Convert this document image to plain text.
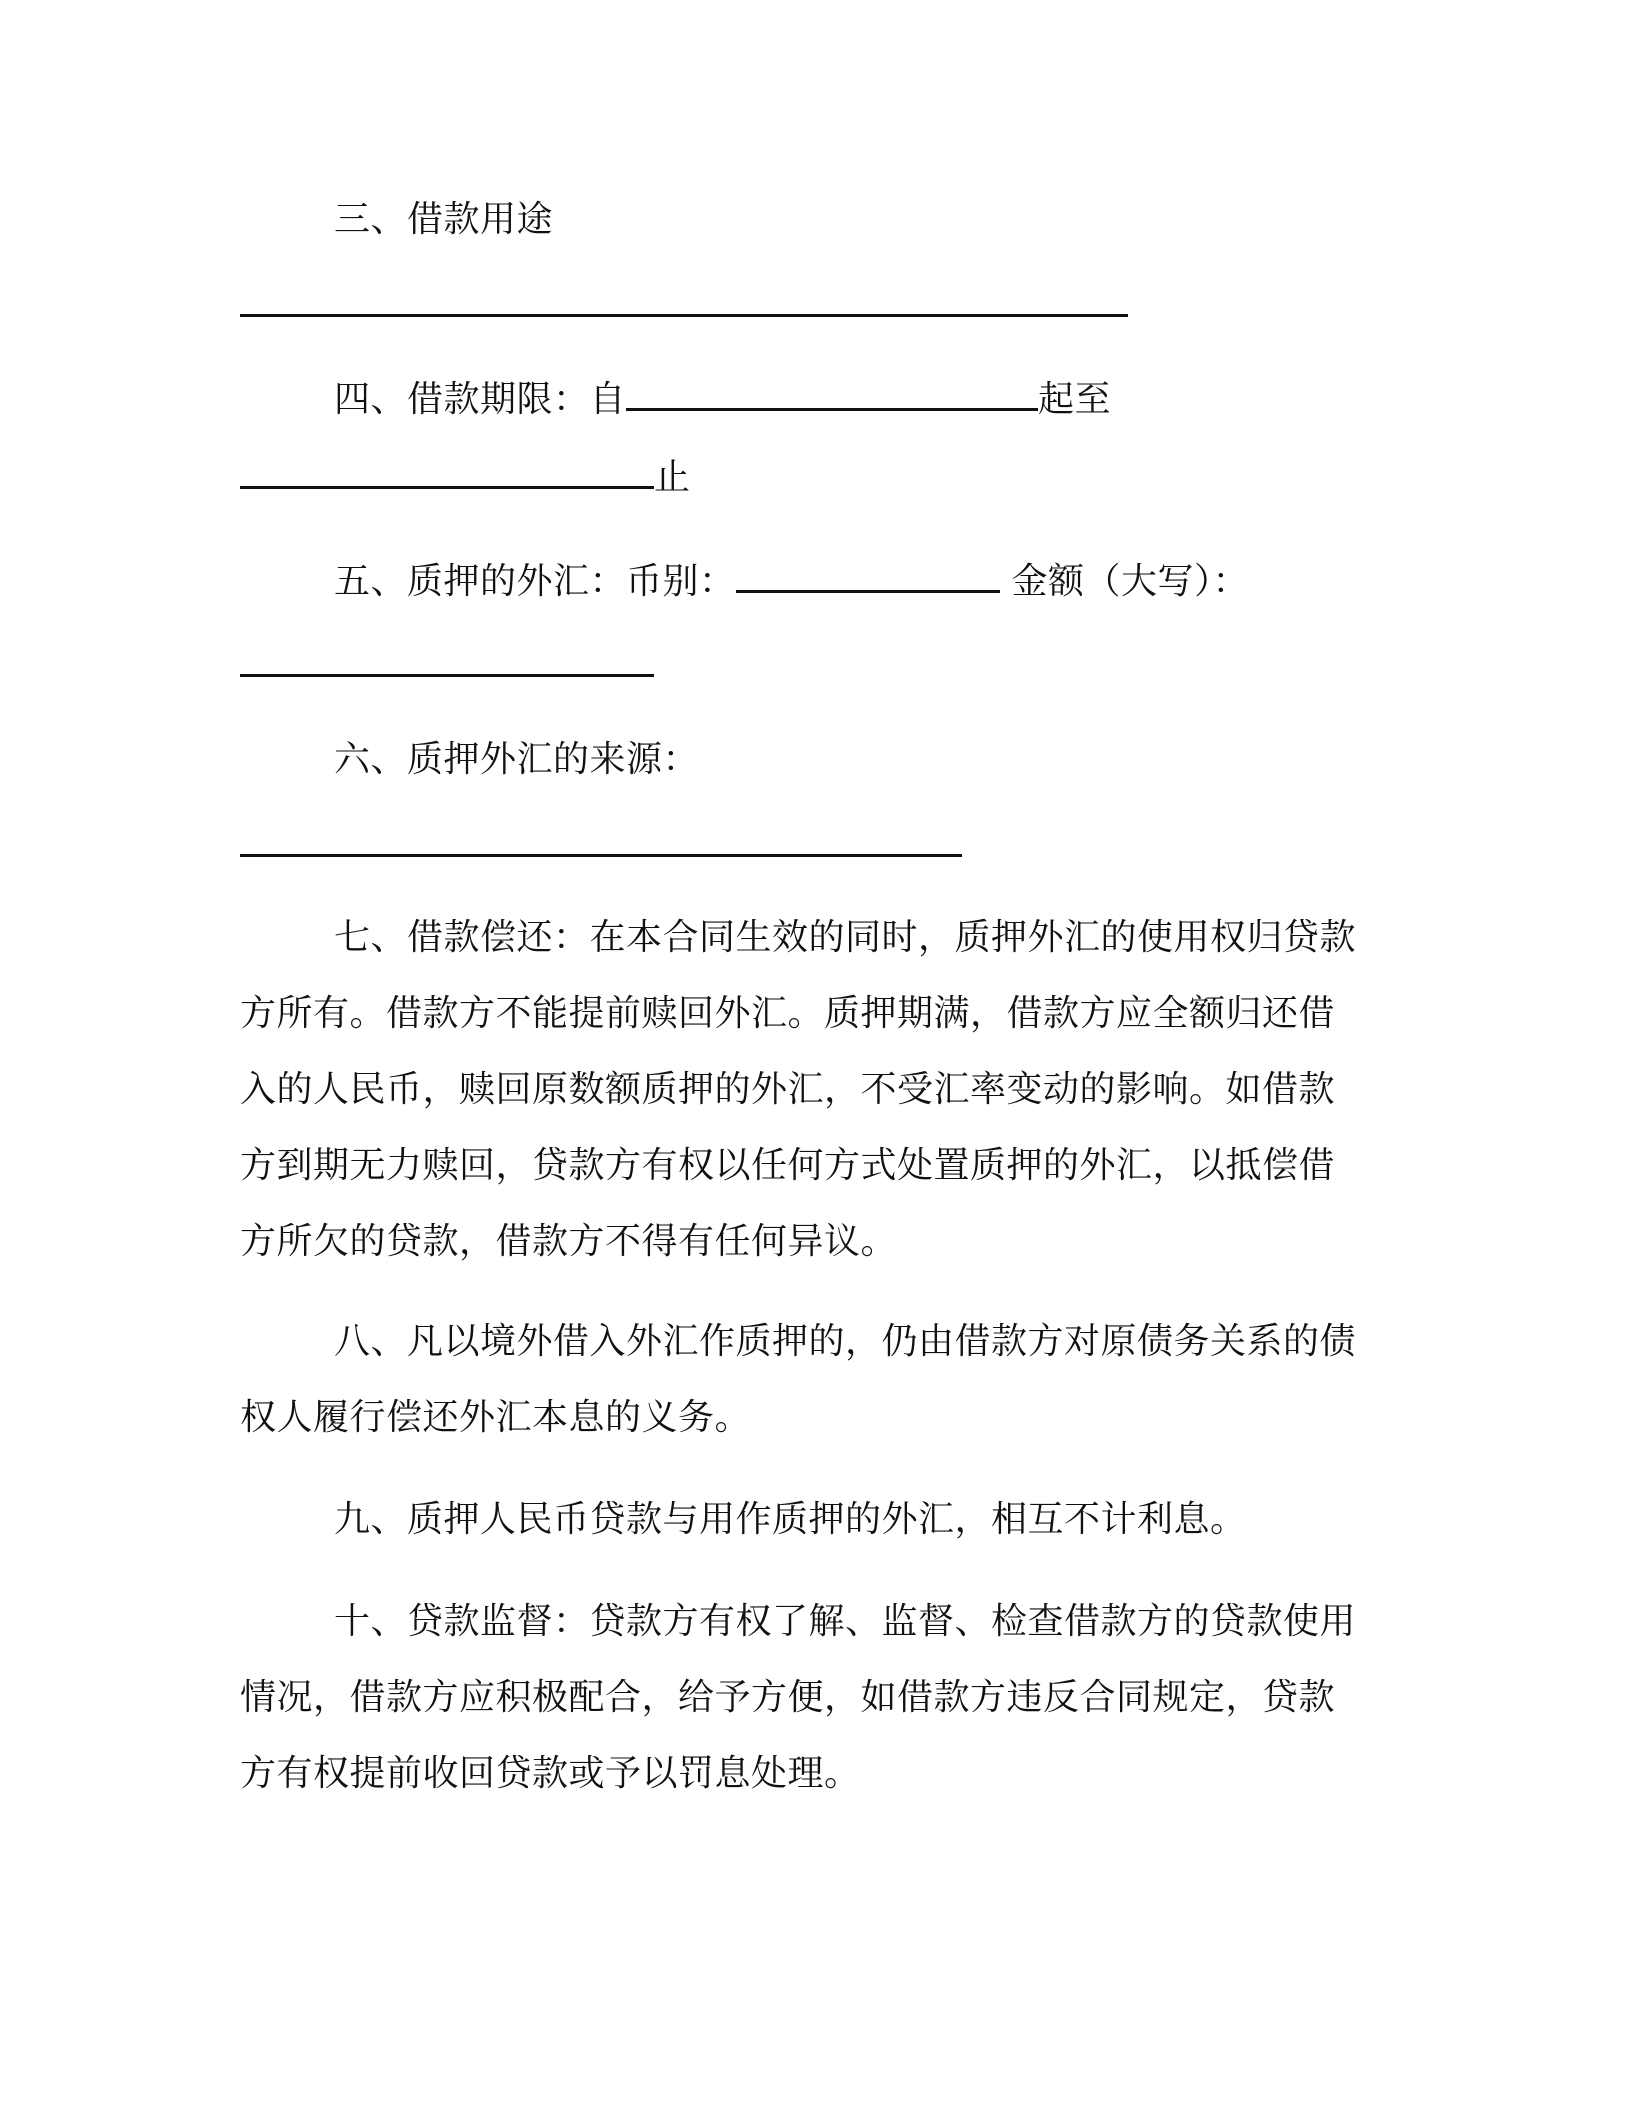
三、借款用途
四、借款期限：自	起至
止
五、质押的外汇：币别：	金额（大写）：
六、质押外汇的来源：
七、借款偿还：在本合同生效的同时，质押外汇的使用权归贷款
方所有。借款方不能提前赎回外汇。质押期满，借款方应全额归还借
入的人民币，赎回原数额质押的外汇，不受汇率变动的影响。如借款
方到期无力赎回，贷款方有权以任何方式处置质押的外汇，以抵偿借
方所欠的贷款，借款方不得有任何异议。
八、凡以境外借入外汇作质押的，仍由借款方对原债务关系的债
权人履行偿还外汇本息的义务。
九、质押人民币贷款与用作质押的外汇，相互不计利息。
十、贷款监督：贷款方有权了解、监督、检查借款方的贷款使用
情况，借款方应积极配合，给予方便，如借款方违反合同规定，贷款
方有权提前收回贷款或予以罚息处理。
